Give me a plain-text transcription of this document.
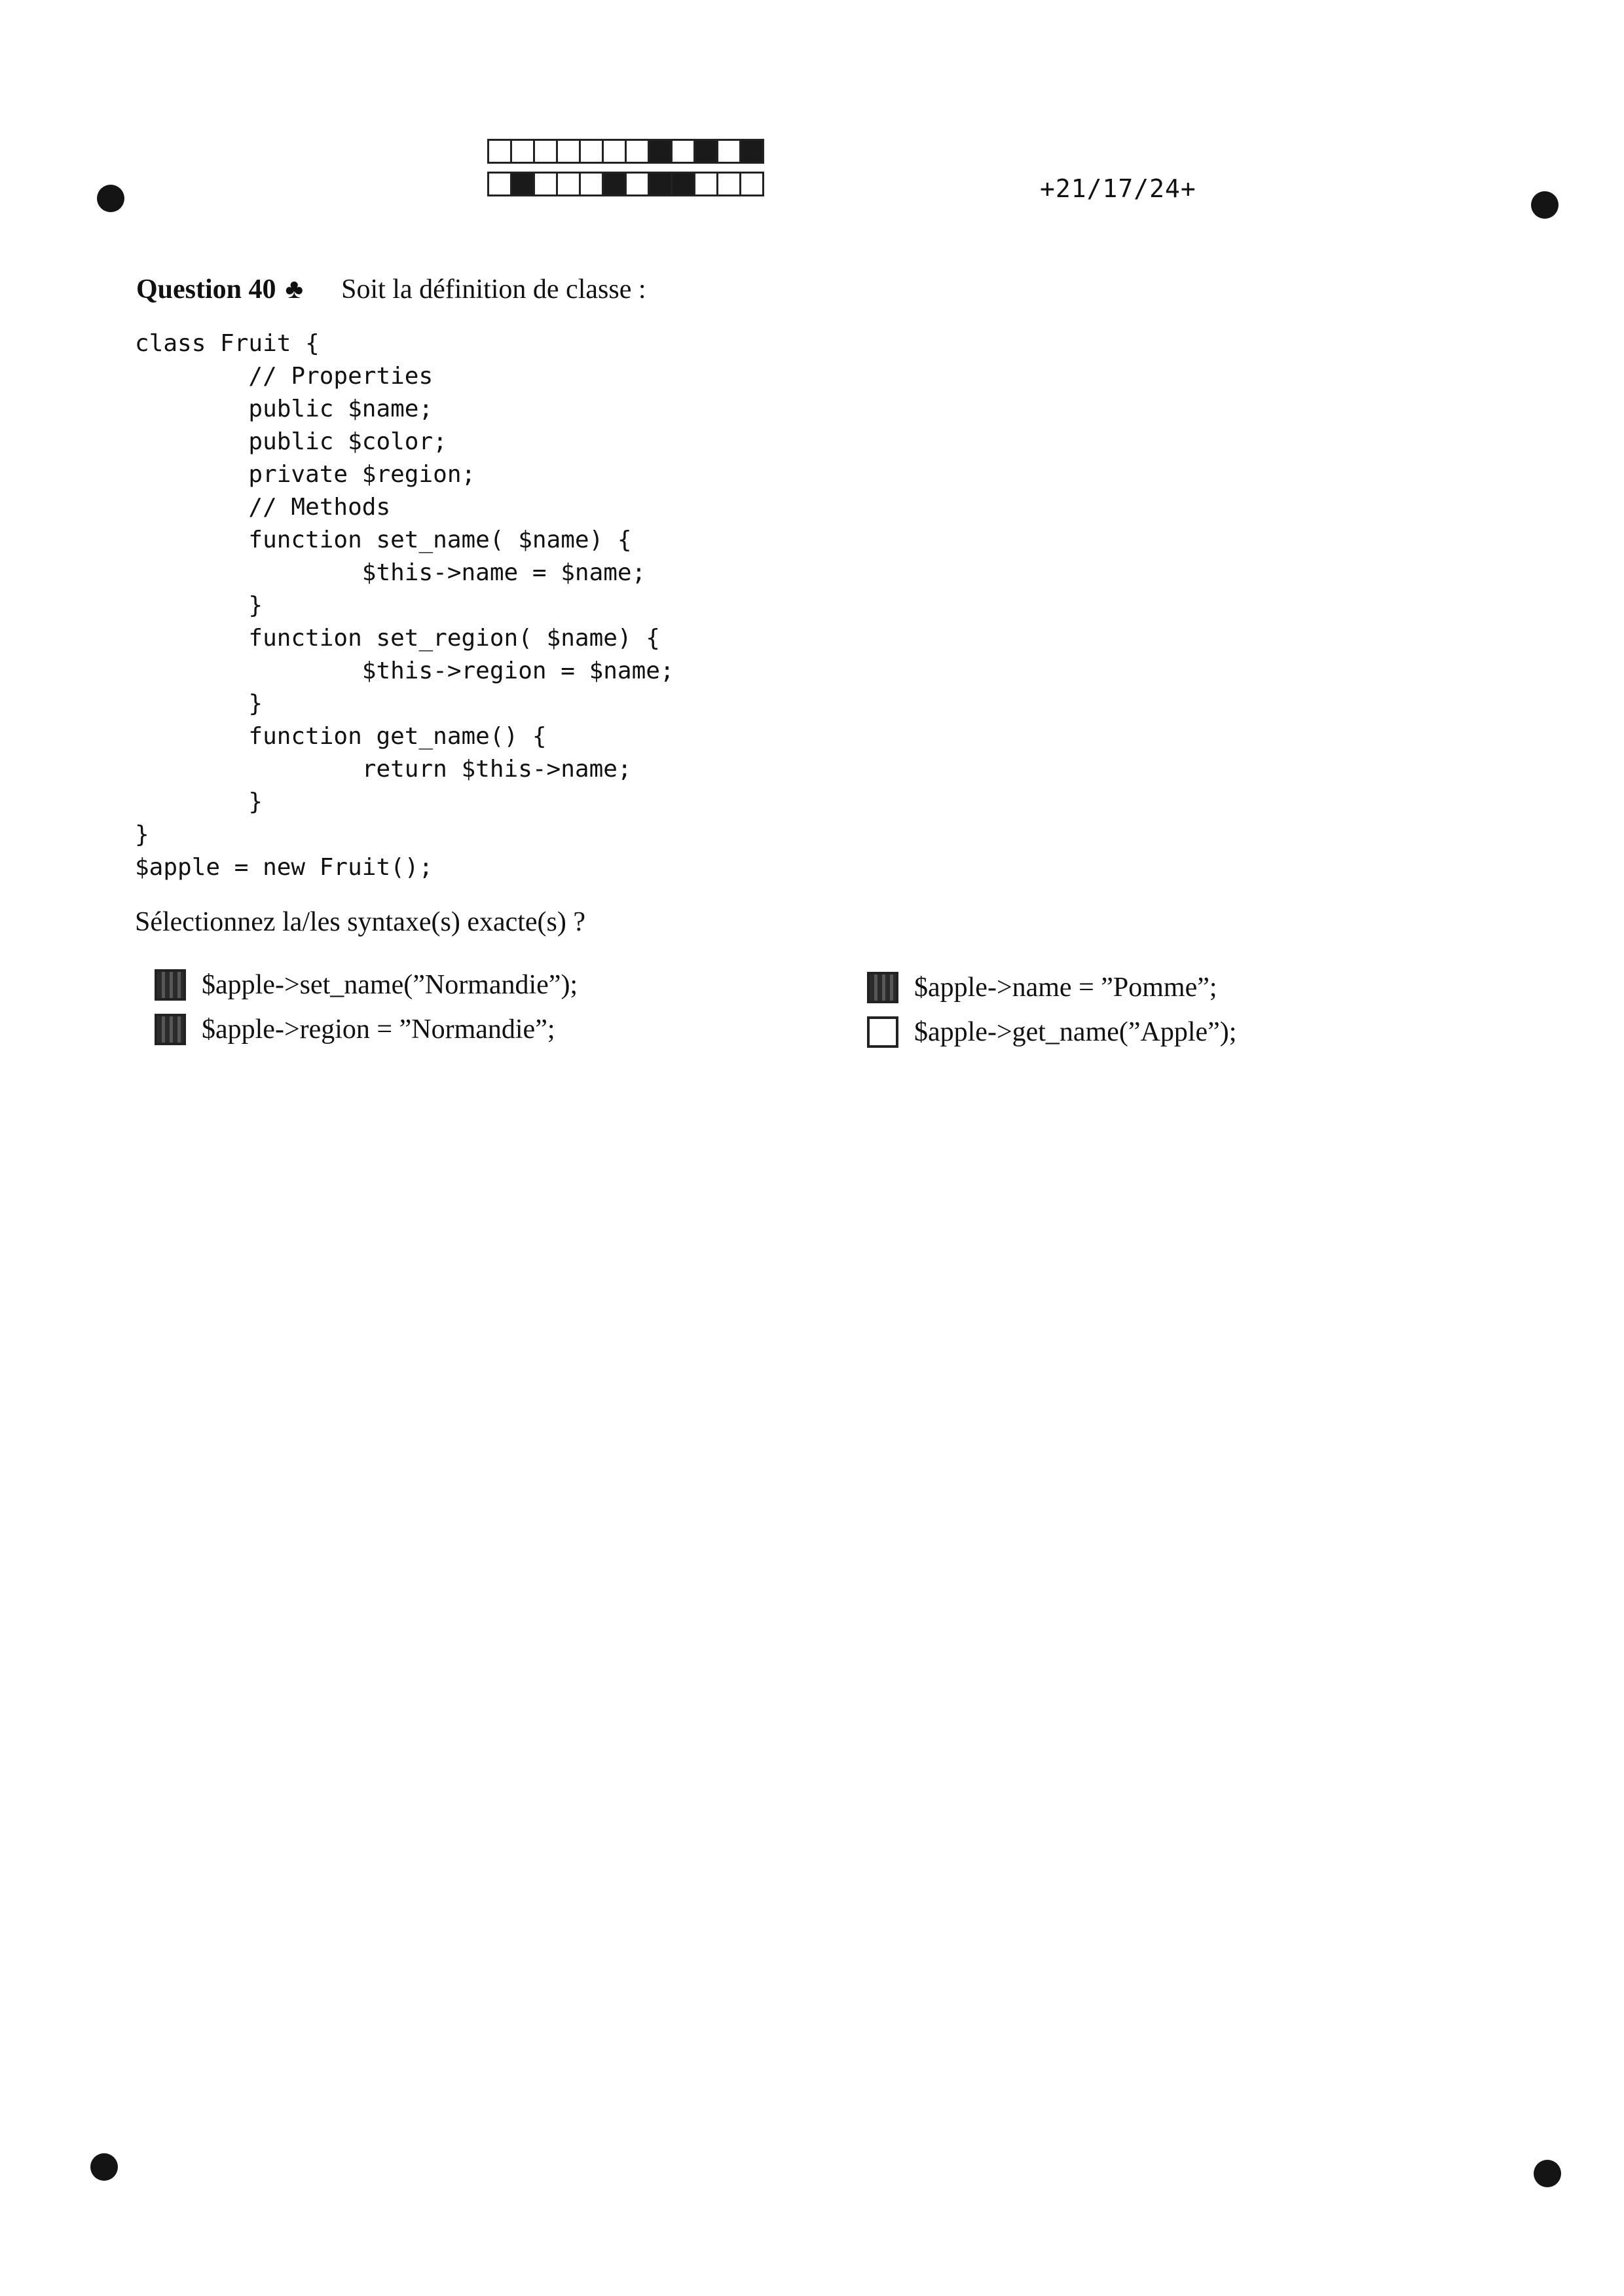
+21/17/24+
Question 40 ♣ Soit la définition de classe :
class Fruit {
// Properties
public $name;
public $color;
private $region;
// Methods
function set_name( $name) {
$this->name = $name;
}
function set_region( $name) {
$this->region = $name;
}
function get_name() {
return $this->name;
}
}
$apple = new Fruit();
Sélectionnez la/les syntaxe(s) exacte(s) ?
$apple->set_name(”Normandie”);
$apple->region = ”Normandie”;
$apple->name = ”Pomme”;
$apple->get_name(”Apple”);
